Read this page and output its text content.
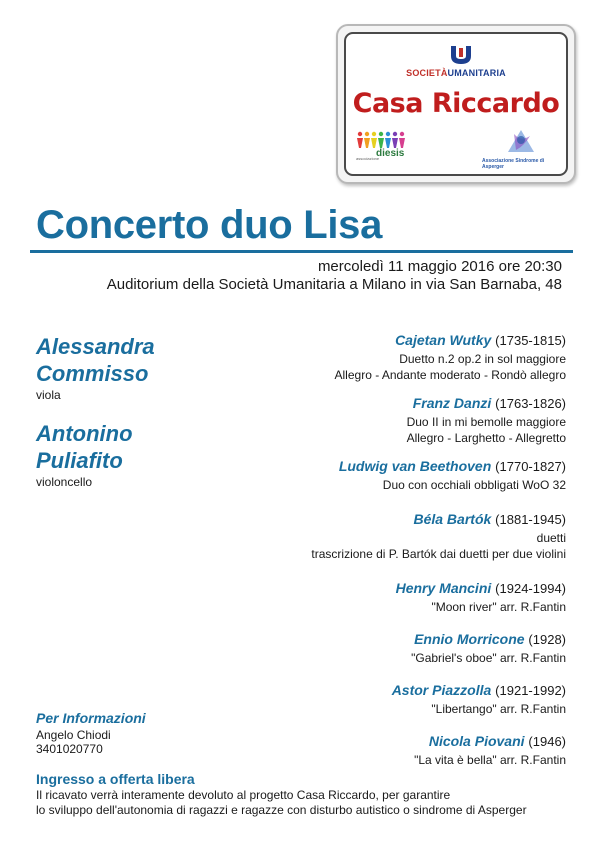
SOCIETÀUMANITARIA
Casa Riccardo
associazione
diesis
Associazione Sindrome di Asperger
Concerto duo Lisa
mercoledì 11 maggio 2016 ore 20:30
Auditorium della Società Umanitaria a Milano in via San Barnaba, 48
Alessandra
Commisso
viola
Antonino
Puliafito
violoncello
Cajetan Wutky (1735-1815)
Duetto n.2 op.2 in sol maggiore
Allegro - Andante moderato - Rondò allegro
Franz Danzi (1763-1826)
Duo II in mi bemolle maggiore
Allegro - Larghetto - Allegretto
Ludwig van Beethoven (1770-1827)
Duo con occhiali obbligati WoO 32
Béla Bartók (1881-1945)
duetti
trascrizione di P. Bartók dai duetti per due violini
Henry Mancini (1924-1994)
"Moon river" arr. R.Fantin
Ennio Morricone (1928)
"Gabriel's oboe" arr. R.Fantin
Astor Piazzolla (1921-1992)
"Libertango" arr. R.Fantin
Nicola Piovani (1946)
"La vita è bella" arr. R.Fantin
Per Informazioni
Angelo Chiodi
3401020770
Ingresso a offerta libera
Il ricavato verrà interamente devoluto al progetto Casa Riccardo, per garantire
lo sviluppo dell'autonomia di ragazzi e ragazze con disturbo autistico o sindrome di Asperger
